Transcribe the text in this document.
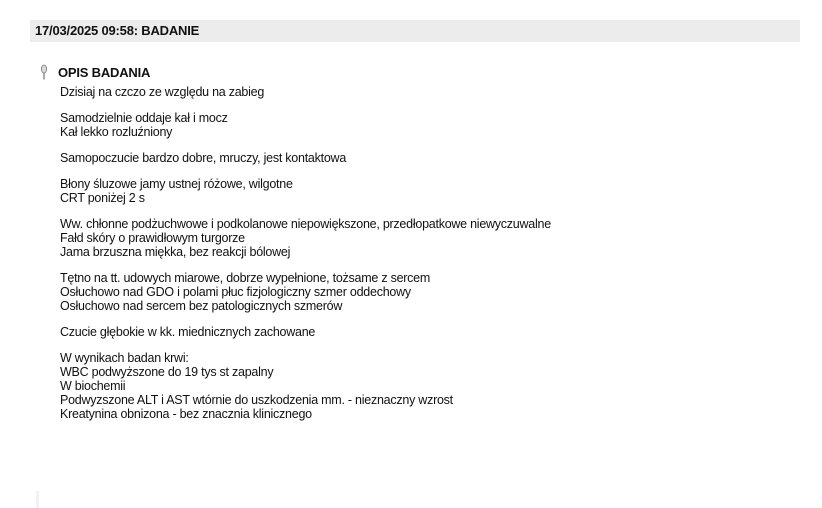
17/03/2025 09:58: BADANIE
OPIS BADANIA
Dzisiaj na czczo ze względu na zabieg
Samodzielnie oddaje kał i mocz
Kał lekko rozluźniony
Samopoczucie bardzo dobre, mruczy, jest kontaktowa
Błony śluzowe jamy ustnej różowe, wilgotne
CRT poniżej 2 s
Ww. chłonne podżuchwowe i podkolanowe niepowiększone, przedłopatkowe niewyczuwalne
Fałd skóry o prawidłowym turgorze
Jama brzuszna miękka, bez reakcji bólowej
Tętno na tt. udowych miarowe, dobrze wypełnione, tożsame z sercem
Osłuchowo nad GDO i polami płuc fizjologiczny szmer oddechowy
Osłuchowo nad sercem bez patologicznych szmerów
Czucie głębokie w kk. miednicznych zachowane
W wynikach badan krwi:
WBC podwyższone do 19 tys st zapalny
W biochemii
Podwyzszone ALT i AST wtórnie do uszkodzenia mm. - nieznaczny wzrost
Kreatynina obnizona - bez znacznia klinicznego
